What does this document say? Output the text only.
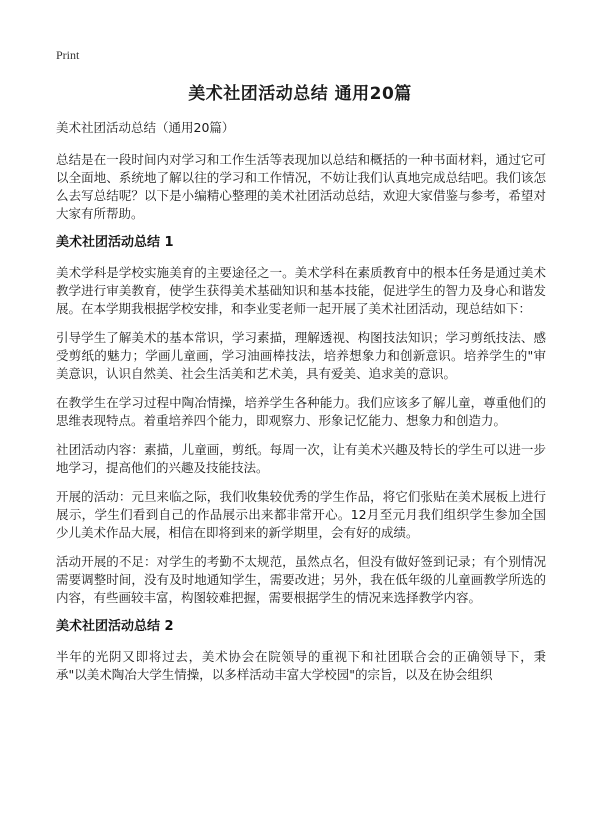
Print
美术社团活动总结 通用20篇

美术社团活动总结（通用20篇）

总结是在一段时间内对学习和工作生活等表现加以总结和概括的一种书面材料，通过它可以全面地、系统地了解以往的学习和工作情况，不妨让我们认真地完成总结吧。我们该怎么去写总结呢？以下是小编精心整理的美术社团活动总结，欢迎大家借鉴与参考，希望对大家有所帮助。

美术社团活动总结 1

美术学科是学校实施美育的主要途径之一。美术学科在素质教育中的根本任务是通过美术教学进行审美教育，使学生获得美术基础知识和基本技能，促进学生的智力及身心和谐发展。在本学期我根据学校安排，和李业雯老师一起开展了美术社团活动，现总结如下：

引导学生了解美术的基本常识，学习素描，理解透视、构图技法知识；学习剪纸技法、感受剪纸的魅力；学画儿童画，学习油画棒技法，培养想象力和创新意识。培养学生的"审美意识，认识自然美、社会生活美和艺术美，具有爱美、追求美的意识。

在教学生在学习过程中陶冶情操，培养学生各种能力。我们应该多了解儿童，尊重他们的思维表现特点。着重培养四个能力，即观察力、形象记忆能力、想象力和创造力。

社团活动内容：素描，儿童画，剪纸。每周一次，让有美术兴趣及特长的学生可以进一步地学习，提高他们的兴趣及技能技法。

开展的活动：元旦来临之际，我们收集较优秀的学生作品，将它们张贴在美术展板上进行展示，学生们看到自己的作品展示出来都非常开心。12月至元月我们组织学生参加全国少儿美术作品大展，相信在即将到来的新学期里，会有好的成绩。

活动开展的不足：对学生的考勤不太规范，虽然点名，但没有做好签到记录；有个别情况需要调整时间，没有及时地通知学生，需要改进；另外，我在低年级的儿童画教学所选的内容，有些画较丰富，构图较难把握，需要根据学生的情况来选择教学内容。

美术社团活动总结 2

半年的光阴又即将过去，美术协会在院领导的重视下和社团联合会的正确领导下，秉承"以美术陶冶大学生情操，以多样活动丰富大学校园"的宗旨，以及在协会组织
